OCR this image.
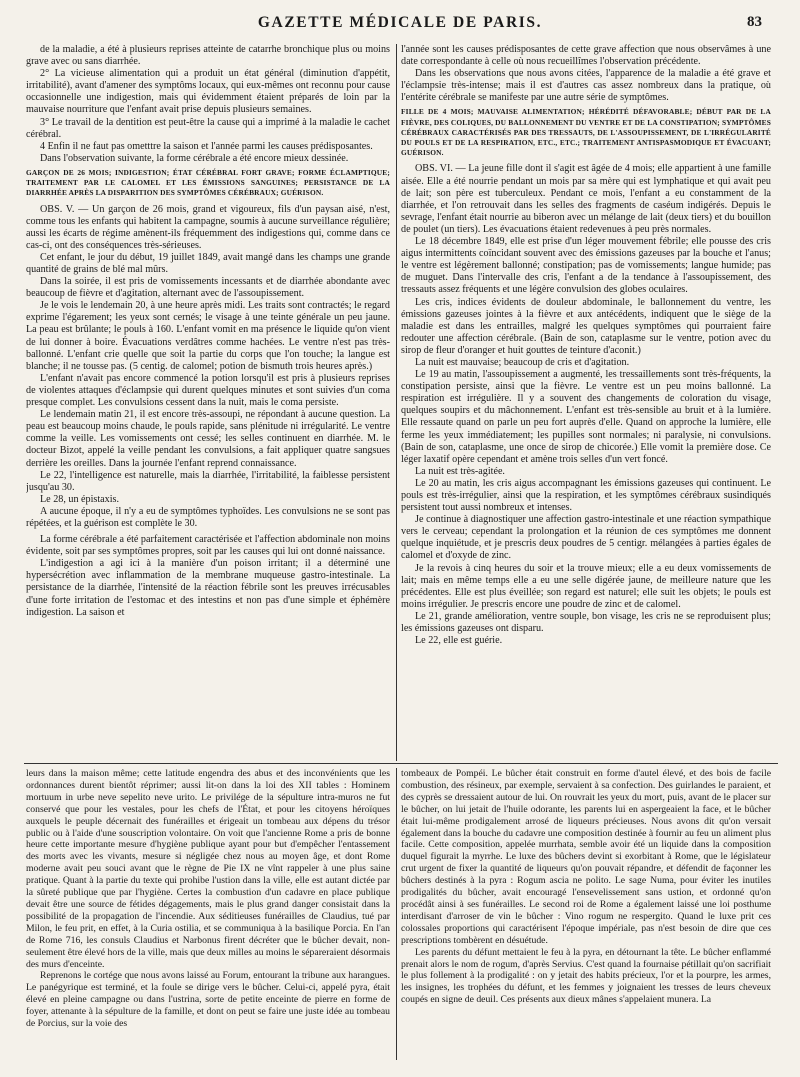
GAZETTE MÉDICALE DE PARIS.	83

de la maladie, a été à plusieurs reprises atteinte de catarrhe bronchique plus ou moins grave avec ou sans diarrhée.

2° La vicieuse alimentation qui a produit un état général (diminution d'appétit, irritabilité), avant d'amener des symptôms locaux, qui eux-mêmes ont reconnu pour cause occasionnelle une indigestion, mais qui évidemment étaient préparés de loin par la mauvaise nourriture que l'enfant avait prise depuis plusieurs semaines.

3° Le travail de la dentition est peut-être la cause qui a imprimé à la maladie le cachet cérébral.

4 Enfin il ne faut pas ometttre la saison et l'année parmi les causes prédisposantes.

Dans l'observation suivante, la forme cérébrale a été encore mieux dessinée.

GARÇON DE 26 MOIS; INDIGESTION; ÉTAT CÉRÉBRAL FORT GRAVE; FORME ÉCLAMPTIQUE; TRAITEMENT PAR LE CALOMEL ET LES ÉMISSIONS SANGUINES; PERSISTANCE DE LA DIARRHÉE APRÈS LA DISPARITION DES SYMPTÔMES CÉRÉBRAUX; GUÉRISON.

OBS. V. — Un garçon de 26 mois, grand et vigoureux, fils d'un paysan aisé, n'est, comme tous les enfants qui habitent la campagne, soumis à aucune surveillance régulière; aussi les écarts de régime amènent-ils fréquemment des indigestions qui, comme dans ce cas-ci, ont des conséquences très-sérieuses.

Cet enfant, le jour du début, 19 juillet 1849, avait mangé dans les champs une grande quantité de grains de blé mal mûrs.

Dans la soirée, il est pris de vomissements incessants et de diarrhée abondante avec beaucoup de fièvre et d'agitation, alternant avec de l'assoupissement.

Je le vois le lendemain 20, à une heure après midi. Les traits sont contractés; le regard exprime l'égarement; les yeux sont cernés; le visage à une teinte générale un peu jaune. La peau est brûlante; le pouls à 160. L'enfant vomit en ma présence le liquide qu'on vient de lui donner à boire. Évacuations verdâtres comme hachées. Le ventre n'est pas très-ballonné. L'enfant crie quelle que soit la partie du corps que l'on touche; la langue est blanche; il ne tousse pas. (5 centig. de calomel; potion de bismuth trois heures après.)

L'enfant n'avait pas encore commencé la potion lorsqu'il est pris à plusieurs reprises de violentes attaques d'éclampsie qui durent quelques minutes et sont suivies d'un coma presque complet. Les convulsions cessent dans la nuit, mais le coma persiste.

Le lendemain matin 21, il est encore très-assoupi, ne répondant à aucune question. La peau est beaucoup moins chaude, le pouls rapide, sans plénitude ni irrégularité. Le ventre comme la veille. Les vomissements ont cessé; les selles continuent en diarrhée. M. le docteur Bizot, appelé la veille pendant les convulsions, a fait appliquer quatre sangsues derrière les oreilles. Dans la journée l'enfant reprend connaissance.

Le 22, l'intelligence est naturelle, mais la diarrhée, l'irritabilité, la faiblesse persistent jusqu'au 30.

Le 28, un épistaxis.

A aucune époque, il n'y a eu de symptômes typhoïdes. Les convulsions ne se sont pas répétées, et la guérison est complète le 30.

La forme cérébrale a été parfaitement caractérisée et l'affection abdominale non moins évidente, soit par ses symptômes propres, soit par les causes qui lui ont donné naissance.

L'indigestion a agi ici à la manière d'un poison irritant; il a déterminé une hypersécrétion avec inflammation de la membrane muqueuse gastro-intestinale. La persistance de la diarrhée, l'intensité de la réaction fébrile sont les preuves irrécusables d'une forte irritation de l'estomac et des intestins et non pas d'une simple et éphémère indigestion. La saison et

l'année sont les causes prédisposantes de cette grave affection que nous observâmes à une date correspondante à celle où nous recueillîmes l'observation précédente.

Dans les observations que nous avons citées, l'apparence de la maladie a été grave et l'éclampsie très-intense; mais il est d'autres cas assez nombreux dans la pratique, où l'entérite cérébrale se manifeste par une autre série de symptômes.

FILLE DE 4 MOIS; MAUVAISE ALIMENTATION; HÉRÉDITÉ DÉFAVORABLE; DÉBUT PAR DE LA FIÈVRE, DES COLIQUES, DU BALLONNEMENT DU VENTRE ET DE LA CONSTIPATION; SYMPTÔMES CÉRÉBRAUX CARACTÉRISÉS PAR DES TRESSAUTS, DE L'ASSOUPISSEMENT, DE L'IRRÉGULARITÉ DU POULS ET DE LA RESPIRATION, ETC., ETC.; TRAITEMENT ANTISPASMODIQUE ET ÉVACUANT; GUÉRISON.

OBS. VI. — La jeune fille dont il s'agit est âgée de 4 mois; elle appartient à une famille aisée. Elle a été nourrie pendant un mois par sa mère qui est lymphatique et qui avait peu de lait; son père est tuberculeux. Pendant ce mois, l'enfant a eu constamment de la diarrhée, et l'on retrouvait dans les selles des fragments de caséum indigérés. Depuis le sevrage, l'enfant était nourrie au biberon avec un mélange de lait (deux tiers) et du bouillon de poulet (un tiers). Les évacuations étaient redevenues à peu près normales.

Le 18 décembre 1849, elle est prise d'un léger mouvement fébrile; elle pousse des cris aigus intermittents coïncidant souvent avec des émissions gazeuses par la bouche et l'anus; le ventre est légèrement ballonné; constipation; pas de vomissements; langue humide; pas de muguet. Dans l'intervalle des cris, l'enfant a de la tendance à l'assoupissement, des tressauts assez fréquents et une légère convulsion des globes oculaires.

Les cris, indices évidents de douleur abdominale, le ballonnement du ventre, les émissions gazeuses jointes à la fièvre et aux antécédents, indiquent que le siège de la maladie est dans les entrailles, malgré les quelques symptômes qui pourraient faire redouter une affection cérébrale. (Bain de son, cataplasme sur le ventre, potion avec du sirop de fleur d'oranger et huit gouttes de teinture d'aconit.)

La nuit est mauvaise; beaucoup de cris et d'agitation.

Le 19 au matin, l'assoupissement a augmenté, les tressaillements sont très-fréquents, la constipation persiste, ainsi que la fièvre. Le ventre est un peu moins ballonné. La respiration est irrégulière. Il y a souvent des changements de coloration du visage, quelques soupirs et du mâchonnement. L'enfant est très-sensible au bruit et à la lumière. Elle ressaute quand on parle un peu fort auprès d'elle. Quand on approche la lumière, elle ferme les yeux immédiatement; les pupilles sont normales; ni paralysie, ni convulsions. (Bain de son, cataplasme, une once de sirop de chicorée.) Elle vomit la première dose. Ce léger laxatif opère cependant et amène trois selles d'un vert foncé.

La nuit est très-agitée.

Le 20 au matin, les cris aigus accompagnant les émissions gazeuses qui continuent. Le pouls est très-irrégulier, ainsi que la respiration, et les symptômes cérébraux susindiqués persistent tout aussi nombreux et intenses.

Je continue à diagnostiquer une affection gastro-intestinale et une réaction sympathique vers le cerveau; cependant la prolongation et la réunion de ces symptômes me donnent quelque inquiétude, et je prescris deux poudres de 5 centigr. mélangées à parties égales de calomel et d'oxyde de zinc.

Je la revois à cinq heures du soir et la trouve mieux; elle a eu deux vomissements de lait; mais en même temps elle a eu une selle digérée jaune, de meilleure nature que les précédentes. Elle est plus éveillée; son regard est naturel; elle suit les objets; le pouls est moins irrégulier. Je prescris encore une poudre de zinc et de calomel.

Le 21, grande amélioration, ventre souple, bon visage, les cris ne se reproduisent plus; les émissions gazeuses ont disparu.

Le 22, elle est guérie.

leurs dans la maison même; cette latitude engendra des abus et des inconvénients que les ordonnances durent bientôt réprimer; aussi lit-on dans la loi des XII tables : Hominem mortuum in urbe neve sepelito neve urito. Le privilége de la sépulture intra-muros ne fut conservé que pour les vestales, pour les chefs de l'État, et pour les citoyens héroïques auxquels le peuple décernait des funérailles et érigeait un tombeau aux dépens du trésor public ou à l'aide d'une souscription volontaire. On voit que l'ancienne Rome a pris de bonne heure cette importante mesure d'hygiène publique ayant pour but d'empêcher l'entassement des morts avec les vivants, mesure si négligée chez nous au moyen âge, et dont Rome moderne avait peu souci avant que le règne de Pie IX ne vînt rappeler à une plus saine pratique. Quant à la partie du texte qui prohibe l'ustion dans la ville, elle est autant dictée par la sûreté publique que par l'hygiène. Certes la combustion d'un cadavre en place publique devait être une source de fétides dégagements, mais le plus grand danger consistait dans la possibilité de la propagation de l'incendie. Aux séditieuses funérailles de Claudius, tué par Milon, le feu prit, en effet, à la Curia ostilia, et se communiqua à la basilique Porcia. En l'an de Rome 716, les consuls Claudius et Narbonus firent décréter que le bûcher devait, non-seulement être élevé hors de la ville, mais que deux milles au moins le sépareraient désormais des murs d'enceinte.

Reprenons le cortége que nous avons laissé au Forum, entourant la tribune aux harangues. Le panégyrique est terminé, et la foule se dirige vers le bûcher. Celui-ci, appelé pyra, était élevé en pleine campagne ou dans l'ustrina, sorte de petite enceinte de pierre en forme de foyer, attenante à la sépulture de la famille, et dont on peut se faire une juste idée au tombeau de Porcius, sur la voie des

tombeaux de Pompéi. Le bûcher était construit en forme d'autel élevé, et des bois de facile combustion, des résineux, par exemple, servaient à sa confection. Des guirlandes le paraient, et des cyprès se dressaient autour de lui. On rouvrait les yeux du mort, puis, avant de le placer sur le bûcher, on lui jetait de l'huile odorante, les parents lui en aspergeaient la face, et le bûcher était lui-même prodigalement arrosé de liqueurs précieuses. Nous avons dit qu'on versait également dans la bouche du cadavre une composition destinée à fournir au feu un aliment plus facile. Cette composition, appelée murrhata, semble avoir été un liquide dans la composition duquel figurait la myrrhe. Le luxe des bûchers devint si exorbitant à Rome, que le législateur crut urgent de fixer la quantité de liqueurs qu'on pouvait répandre, et défendit de façonner les bûchers destinés à la pyra : Rogum ascia ne polito. Le sage Numa, pour éviter les inutiles prodigalités du bûcher, avait encouragé l'ensevelissement sans ustion, et ordonné qu'on procédât ainsi à ses funérailles. Le second roi de Rome a également laissé une loi posthume interdisant d'arroser de vin le bûcher : Vino rogum ne respergito. Quand le luxe prit ces colossales proportions qui caractérisent l'époque impériale, pas n'est besoin de dire que ces prescriptions tombèrent en désuétude.

Les parents du défunt mettaient le feu à la pyra, en détournant la tête. Le bûcher enflammé prenait alors le nom de rogum, d'après Servius. C'est quand la fournaise pétillait qu'on sacrifiait le plus follement à la prodigalité : on y jetait des habits précieux, l'or et la pourpre, les armes, les insignes, les trophées du défunt, et les femmes y joignaient les tresses de leurs cheveux coupés en signe de deuil. Ces présents aux dieux mânes s'appelaient munera. La
